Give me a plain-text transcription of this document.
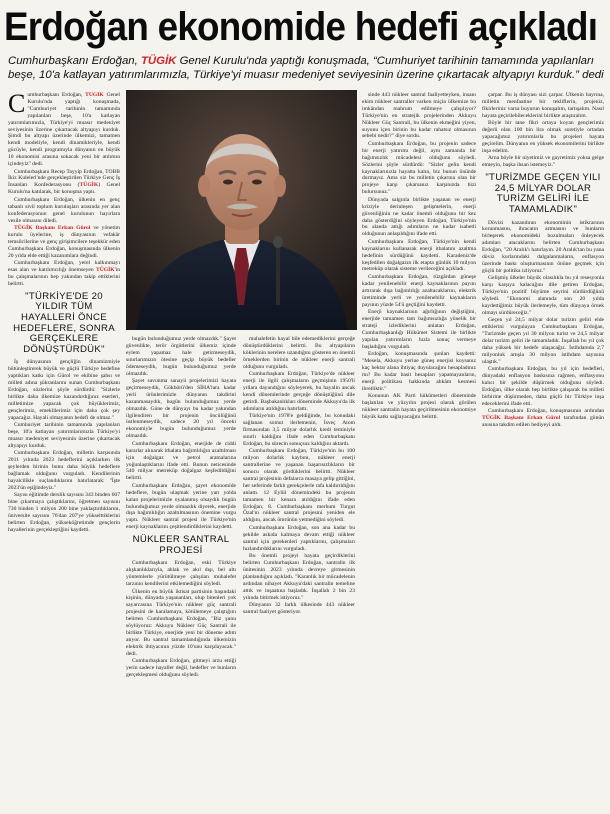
Erdoğan ekonomide hedefi açıkladı
Cumhurbaşkanı Erdoğan, TÜGİK Genel Kurulu'nda yaptığı konuşmada, “Cumhuriyet tarihinin tamamında yapılanları beşe, 10'a katlayan yatırımlarımızla, Türkiye'yi muasır medeniyet seviyesinin üzerine çıkartacak altyapıyı kurduk.” dedi

Cumhurbaşkanı Erdoğan, TÜGİK Genel Kurulu'nda yaptığı konuşmada, "Cumhuriyet tarihinin tamamında yapılanları beşe, 10'a katlayan yatırımlarımızla, Türkiye'yi muasır medeniyet seviyesinin üzerine çıkartacak altyapıyı kurduk. Şimdi bu altyapı üzerinde ülkemizi, tamamen kendi modeliyle, kendi dinamikleriyle, kendi gücüyle, kendi programıyla dünyanın en büyük 10 ekonomisi arasına sokacak yeni bir atılımın içindeyiz" dedi.

Cumhurbaşkanı Recep Tayyip Erdoğan, TOBB İkiz Kuleleri'nde gerçekleştirilen Türkiye Genç İş İnsanları Konfederasyonu (TÜGİK) Genel Kurulu'na katılarak, bir konuşma yaptı.

Cumhurbaşkanı Erdoğan, ülkenin en genç tabanlı sivil toplum kuruluşları arasında yer alan konfederasyonun genel kurulunun hayırlara vesile olmasını diledi.

TÜGİK Başkanı Erkan Gürol ve yönetim kurulu üyelerine, iş dünyasının vefakâr temsilcilerine ve genç girişimcilere teşekkür eden Cumhurbaşkanı Erdoğan, konuşmasında ülkenin 20 yılda elde ettiği kazanımlara değindi.

Cumhurbaşkanı Erdoğan, yerel kalkınmayı esas alan ve katılımcılığı önemseyen TÜGİK'in bu çalışmalarının hep yakından takip ettiklerini belirtti.

"TÜRKİYE'DE 20 YILDIR TÜM HAYALLERİ ÖNCE HEDEFLERE, SONRA GERÇEKLERE DÖNÜŞTÜRDÜK"

İş dünyasının gençliğin dinamizmiyle bütünleştirerek büyük ve güçlü Türkiye hedefine yaptıkları katkı için Gürol ve ekibine şahsı ve milleti adına şükranlarını sunan Cumhurbaşkanı Erdoğan, sözlerini şöyle sürdürdü: "Sizlerle birlikte daha ilkemize kazandırdığınız eserleri, milletimize yapacak çok büyüklerimiz, gençlerimiz, emeklilerimiz için daha çok şey yapacağız. Hayali olmayanın hedefi de olmaz."

Cumhuriyet tarihinin tamamında yapılanları beşe, 10'a katlayan yatırımlarımızla Türkiye'yi muasır medeniyet seviyesinin üzerine çıkartacak altyapıyı kurduk.

Cumhurbaşkanı Erdoğan, milletin karşısında 2011 yılında 2023 hedeflerini açıklarken ilk şeylerden birinin bunu daha büyük hedeflere bağlamak olduğunu vurguladı. Kendilerinin hayalcilikle suçlandıklarını hatırlatarak: "İşte 2023'ün eşiğindeyiz."

Sayısı eğitimde derslik sayısını 343 binden 607 bine çıkarmaya çalıştıklarını, öğretmen sayısını 730 binden 1 milyon 200 bine yaklaştırdıklarını, üniversite sayısını 76'dan 207'ye yükselttiklerini belirten Erdoğan, yükseköğretimde gençlerin hayallerinin gerçekleştiğini kaydetti.

bugün bulunduğumuz yerde olmazdık." Şayet güvenlikte, terör örgütlerini ülkemiz içinde eylem yapamaz hale getirmeseydik, sınırlarımızın ötesine geçip büyük bedeller ödemeseydik, bugün bulunduğumuz yerde olmazdık.

Şayet savunma sanayii projelerimizi hayata geçirmeseydik, Gökbörü'den SİHA'lara kadar yerli ürünlerimizle dünyanın takdirini kazanmasaydık, bugün bulunduğumuz yerde olmazdık. Güne de dünyayı bu kadar yakından ilgilendiren bir projenin öncülüğünü üstlenmeseydik, sadece 20 yıl önceki ekonomiyle bugün bulunduğumuz yerde olmazdık.

Cumhurbaşkanı Erdoğan, enerjide de ciddi kararlar alınarak ithalata bağımlılığın azaltılması için doğalgaz ve petrol aramalarına yoğunlaştıklarını ifade etti. Bunun neticesinde 540 milyar metreküp doğalgaz keşfedildiğini belirtti.

Cumhurbaşkanı Erdoğan, şayet ekonomide hedeflere, bugün ulaşmak yerine yarı yolda kalan projelerimizle oyalanmış olsaydık bugün bulunduğumuz yerde olmazdık diyerek, enerjide dışa bağımlılığın azaltılmasının önemine vurgu yaptı. Nükleer santral projesi ile Türkiye'nin enerji kaynaklarını çeşitlendirdiklerini kaydetti.

NÜKLEER SANTRAL PROJESİ

Cumhurbaşkanı Erdoğan, eski Türkiye alışkanlıklarıyla, ahlak ve akıl dışı, bel altı yöntemlerle yürütülmeye çalışılan muhalefet tarzının kendilerini etkilemediğini söyledi.

Ülkenin en büyük iktisat partisinin başındaki kişinin, dünyada yaşananları, olup bitenleri yok sayarcasına Türkiye'nin nükleer güç santrali projesini de karalamaya, kötülemeye çalıştığını belirten Cumhurbaşkanı Erdoğan, "Biz şunu söylüyoruz: Akkuyu Nükleer Güç Santrali ile birlikte Türkiye, enerjide yeni bir döneme adım atıyor. Bu santral tamamlandığında ülkemizin elektrik ihtiyacının yüzde 10'unu karşılayacak." dedi.

Cumhurbaşkanı Erdoğan, gitmeyi arzu ettiği yerin sadece hayaller değil, hedefler ve bunların gerçekleşmesi olduğunu söyledi.

muhalefetin hayal bile edemediklerini gerçeğe dönüştürdüklerini belirtti. Bu altyapıların köklerinin nerelere uzandığını gösteren en önemli örneklerden birinin de nükleer enerji santrali olduğunu vurguladı.

Cumhurbaşkanı Erdoğan, Türkiye'de nükleer enerji ile ilgili çalışmaların geçmişinin 1950'li yıllara dayandığını söyleyerek, bu hayalin ancak kendi dönemlerinde gerçeğe dönüştüğünü dile getirdi. Başbakanlıkları döneminde Akkuyu'da ilk adımların atıldığını hatırlattı.

Türkiye'nin 1978'e geldiğinde, bu konudaki sağlanan somut ilerlemenin, İsveç Atom firmasından 3,5 milyar dolarlık kredi teminiyle sınırlı kaldığını ifade eden Cumhurbaşkanı Erdoğan, bu sürecin sonuçsuz kaldığını aktardı.

Cumhurbaşkanı Erdoğan, Türkiye'nin bu 100 milyon dolarlık kaybını, nükleer enerji santrallerine ve yaşanan başarısızlıkların bir sonucu olarak gördüklerini belirtti. Nükleer santral projesinin defalarca masaya gelip gittiğini, her seferinde farklı gerekçelerle rafa kaldırıldığını anlattı. 12 Eylül dönemindeki bu projenin tamamen bir kenara atıldığını ifade eden Erdoğan, 8. Cumhurbaşkanı merhum Turgut Özal'ın nükleer santral projesini yeniden ele aldığını, ancak ömrünün yetmediğini söyledi.

Cumhurbaşkanı Erdoğan, son ana kadar bu şekilde askıda kalmaya devam ettiği nükleer santral için gerekenleri yaptıklarını, çalışmaları hızlandırdıklarını vurguladı.

Bu önemli projeyi hayata geçirdiklerini belirten Cumhurbaşkanı Erdoğan, santralin ilk ünitesinin 2023 yılında devreye girmesinin planlandığını açıkladı. "Karanlık bir mücadelenin ardından nihayet Akkuyu'daki santralin temeline attık ve inşaatına başladık. İnşallah 2 bin 23 yılında bitirmek istiyoruz."

Dünyanın 32 farklı ülkesinde 443 nükleer santral faaliyet gösteriyor.

sinde 443 nükleer santral faaliyetteyken, insanı ekim nükleer santraller varken miçin ülkemize bu imkândan mahrum edilmeye çalışılıyor? Türkiye'nin en stratejik projelerinden Akkuyu Nükleer Güç Santrali, bu ülkenin ekmeğini yiyen, suyunu içen birinin bu kadar rahatsız olmasının sebebi nedir?" diye sordu.

Cumhurbaşkanı Erdoğan, bu projenin sadece bir enerji yatırımı değil, aynı zamanda bir bağımsızlık mücadelesi olduğunu söyledi. Sözlerini şöyle sürdürdü: "Sizler gelin kendi kaynaklarınızla hayatta kalın, biz bunun önünde durmayız. Ama siz bu milletin çıkarına olan bir projeye karşı çıkarsanız karşınızda bizi bulursunuz."

Dünyada salgınla birlikte yaşanan ve enerji kriziyle derinleşen gelişmelerin, enerji güvenliğinin ne kadar önemli olduğunu bir kez daha gösterdiğini söyleyen Erdoğan, Türkiye'nin bu alanda attığı adımların ne kadar isabetli olduğunun anlaşıldığını ifade etti.

Cumhurbaşkanı Erdoğan, Türkiye'nin kendi kaynaklarını kullanarak enerji ithalatını azaltma hedefinin sürdüğünü kaydetti. Karadeniz'de keşfedilen doğalgazın ilk etapta günlük 10 milyon metreküp olarak sisteme verileceğini açıkladı.

Cumhurbaşkanı Erdoğan, rüzgârdan güneşe kadar yenilenebilir enerji kaynaklarının payını artırarak dışa bağımlılığı azaltacaklarını, elektrik üretiminde yerli ve yenilenebilir kaynakların payının yüzde 54'ü geçtiğini kaydetti.

Enerji kaynaklarının ağırlığının değiştiğini, enerjide tamamen tam bağımsızlığa yönelik bir strateji izlediklerini anlatan Erdoğan, Cumhurbaşkanlığı Hükümet Sistemi ile birlikte yapılan yatırımların hızla sonuç vermeye başladığını vurguladı.

Erdoğan, konuşmasında şunları kaydetti: "Mesela, Akkuyu yerine güneş enerjisi koysanız kaç hektar alana ihtiyaç duyulacağını hesapladınız mı? Bu kadar basit hesapları yapamayanların, enerji politikası hakkında ahkâm kesmesi ibretliktir."

Konunun AK Parti hükümetleri döneminde başlatılan ve yüzyılın projesi olarak görülen nükleer santralin hayata geçirilmesinin ekonomiye büyük katkı sağlayacağını belirtti.

çarpar. Bu iş dünyası sizi çarpar. Ülkenin hayrına, milletin menfaatine bir tekliflerin, projeniz, fikirleriniz varsa buyurun konuşalım, tartışalım. Nasıl hayata geçirilebileceklerini birlikte araştıralım.

Böyle bir tane fikri ortaya koyan gençlerimiz değerli olan 100 bin lira olmak suretiyle ortadan yapacağımız yatırımlarla bu projeleri hayata geçirelim. Dünyanın en yüksek ekonomilerini birlikte inşa edelim.

Arna böyle bir niyetimiz ve gayretimiz yoksa gelge etmeyin, başka ihsan istemeyiz."

"TURİZMDE GEÇEN YILI 24,5 MİLYAR DOLAR TURİZM GELİRİ İLE TAMAMLADIK"

Dövizi kazandıran ekonominin istikrarının korunmasını, ihracatın artmasını ve bunların birleşerek ekonomideki bozulmaları önleyecek adımları atacaklarını belirten Cumhurbaşkanı Erdoğan, "20 Aralık'ı hatırlayın. 20 Aralık'tan bu yana döviz kurlarındaki dalgalanmaların, enflasyon üzerinde baskı oluşturmasının önüne geçmek için güçlü bir politika izliyoruz."

Gelişmiş ülkeler büyük olasılıkla bu yıl resesyonla karşı karşıya kalacağını dile getiren Erdoğan, Türkiye'nin pozitif büyüme seyrini sürdürdüğünü söyledi. "Ekonomi alanında son 20 yılda kaydettiğimiz büyük ilerlemeyle, tüm dünyaya örnek olmayı sürdüreceğiz."

Geçen yıl 24,5 milyar dolar turizm geliri elde ettiklerini vurgulayan Cumhurbaşkanı Erdoğan, "Turizmde geçen yıl 30 milyon turist ve 24,5 milyar dolar turizm geliri ile tamamladık. İnşallah bu yıl çok daha yüksek bir hedefe ulaşacağız. İstihdamda 2,7 milyonluk artışla 30 milyon istihdam sayısına ulaştık."

Cumhurbaşkanı Erdoğan, bu yıl için hedefleri, dünyadaki enflasyon baskısına rağmen, enflasyonu kalıcı bir şekilde düşürmek olduğunu söyledi. Erdoğan, ülke olarak hep birlikte çalışarak bu milleti birbirine düşürmeden, daha güçlü bir Türkiye inşa edeceklerini ifade etti.

Cumhurbaşkanı Erdoğan, konuşmasının ardından TÜGİK Başkanı Erkan Gürol tarafından günün anısına takdim edilen hediyeyi aldı.
